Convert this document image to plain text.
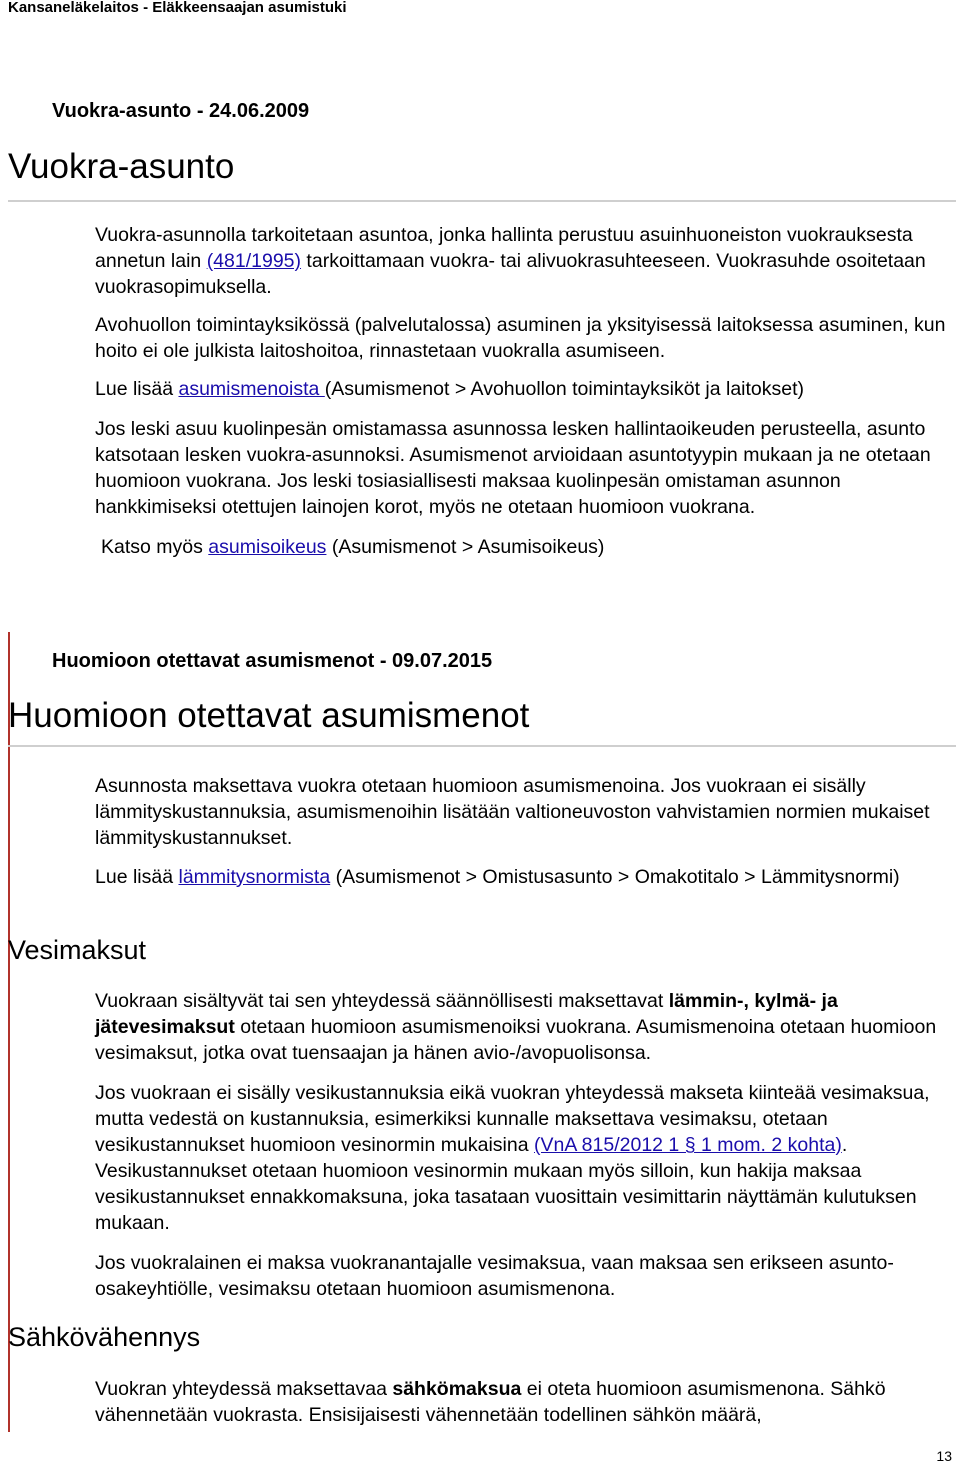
Kansaneläkelaitos - Eläkkeensaajan asumistuki
Vuokra-asunto - 24.06.2009
Vuokra-asunto

Vuokra-asunnolla tarkoitetaan asuntoa, jonka hallinta perustuu asuinhuoneiston vuokrauksesta annetun lain (481/1995) tarkoittamaan vuokra- tai alivuokrasuhteeseen. Vuokrasuhde osoitetaan vuokrasopimuksella.

Avohuollon toimintayksikössä (palvelutalossa) asuminen ja yksityisessä laitoksessa asuminen, kun hoito ei ole julkista laitoshoitoa, rinnastetaan vuokralla asumiseen.

Lue lisää asumismenoista (Asumismenot > Avohuollon toimintayksiköt ja laitokset)

Jos leski asuu kuolinpesän omistamassa asunnossa lesken hallintaoikeuden perusteella, asunto katsotaan lesken vuokra-asunnoksi. Asumismenot arvioidaan asuntotyypin mukaan ja ne otetaan huomioon vuokrana. Jos leski tosiasiallisesti maksaa kuolinpesän omistaman asunnon hankkimiseksi otettujen lainojen korot, myös ne otetaan huomioon vuokrana.

Katso myös asumisoikeus (Asumismenot > Asumisoikeus)

Huomioon otettavat asumismenot - 09.07.2015
Huomioon otettavat asumismenot

Asunnosta maksettava vuokra otetaan huomioon asumismenoina. Jos vuokraan ei sisälly lämmityskustannuksia, asumismenoihin lisätään valtioneuvoston vahvistamien normien mukaiset lämmityskustannukset.

Lue lisää lämmitysnormista (Asumismenot > Omistusasunto > Omakotitalo > Lämmitysnormi)

Vesimaksut

Vuokraan sisältyvät tai sen yhteydessä säännöllisesti maksettavat lämmin-, kylmä- ja jätevesimaksut otetaan huomioon asumismenoiksi vuokrana. Asumismenoina otetaan huomioon vesimaksut, jotka ovat tuensaajan ja hänen avio-/avopuolisonsa.

Jos vuokraan ei sisälly vesikustannuksia eikä vuokran yhteydessä makseta kiinteää vesimaksua, mutta vedestä on kustannuksia, esimerkiksi kunnalle maksettava vesimaksu, otetaan vesikustannukset huomioon vesinormin mukaisina (VnA 815/2012 1 § 1 mom. 2 kohta). Vesikustannukset otetaan huomioon vesinormin mukaan myös silloin, kun hakija maksaa vesikustannukset ennakkomaksuna, joka tasataan vuosittain vesimittarin näyttämän kulutuksen mukaan.

Jos vuokralainen ei maksa vuokranantajalle vesimaksua, vaan maksaa sen erikseen asunto-osakeyhtiölle, vesimaksu otetaan huomioon asumismenona.

Sähkövähennys

Vuokran yhteydessä maksettavaa sähkömaksua ei oteta huomioon asumismenona. Sähkö vähennetään vuokrasta. Ensisijaisesti vähennetään todellinen sähkön määrä,

13
